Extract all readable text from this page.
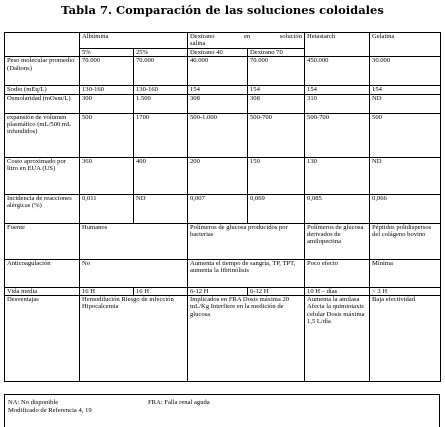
Tabla 7. Comparación de las soluciones coloidales
	Albúmina		Dextrano en solución
salina		Hetastarch	Gelatina
	5%	25%	Dextrano 40	Dextrano 70		
Peso molecular promedio (Daltons)	70.000	70.000	40.000	70.000	450.000	30.000
Sodio (mEq/L)	130-160	130-160	154	154	154	154
Osmolaridad (mOsm/L)	300	1.500	308	308	310	ND
expansión de volumen plasmático (mL/500 mL infundidos)	500	1700	500-1.000	500-700	500-700	500
Costo aproximado por litro en EUA (US)	360	400	200	150	130	ND
Incidencia de reacciones alérgicas (%)	0,011	ND	0,007	0,069	0,085	0,066
Fuente	Humanos		Polímeros de glucosa producidos por bacterias		Polímeros de glucosa derivados de amilopectina	Péptidos polidispersos del colágeno bovino
Anticoagulación	No		Aumenta el tiempo de sangría, TP, TPT, aumenta la fibrinólisis		Poco efecto	Mínima
Vida media	16 H	16 H	6-12 H	6-12 H	10 H – días	< 3 H
Desventajas	Hemodilución Riesgo de infección Hipocalcemia		Implicados en FRA Dosis máxima 20 mL/Kg Interfiere en la medición de glucosa		Aumenta la amilasa Afecta la quimiotaxis celular Dosis máxima 1,5 L/día	Baja efectividad
NA: No disponible	FRA: Falla renal aguda
Modificado de Referencia 4, 19
